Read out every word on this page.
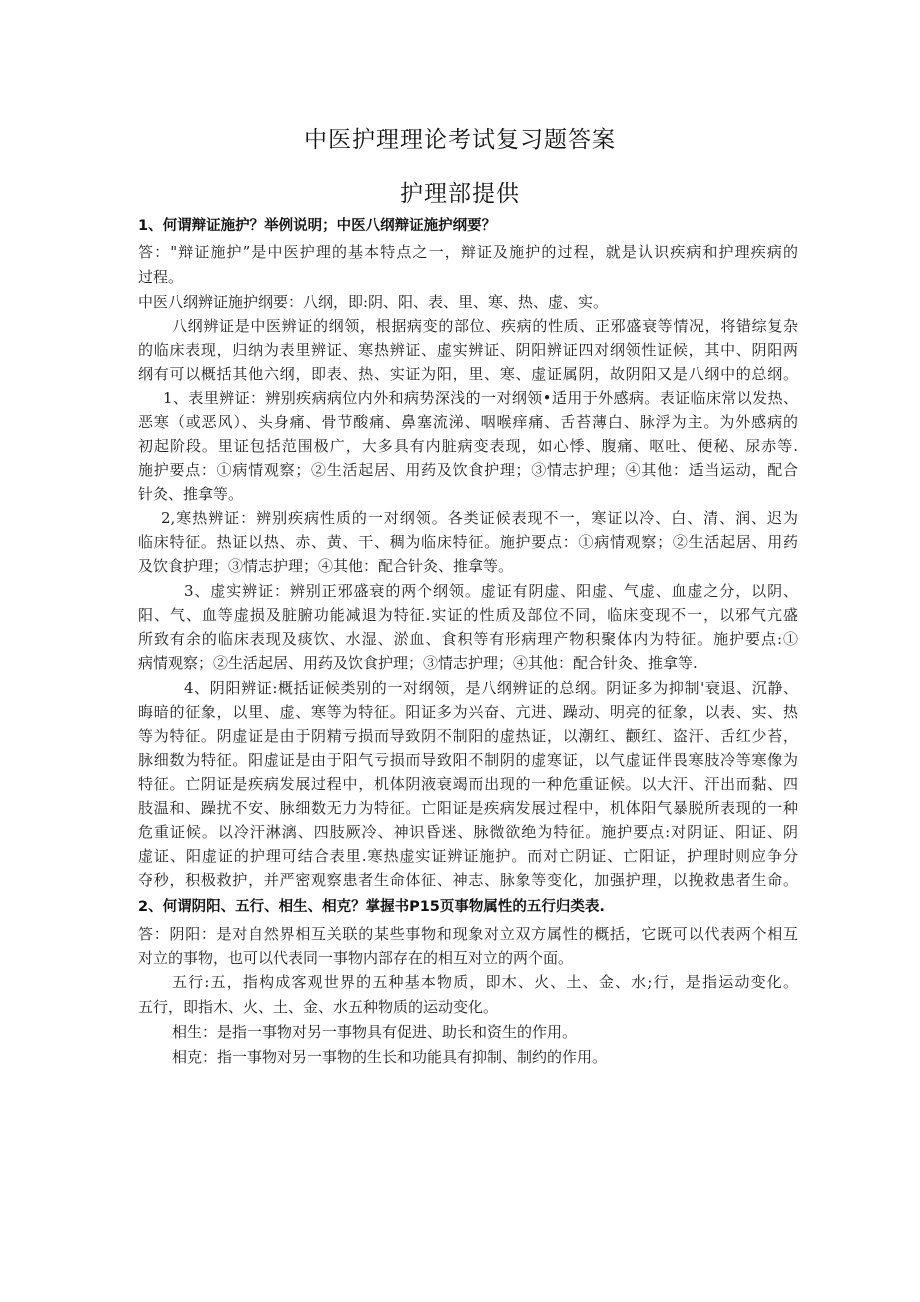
中医护理理论考试复习题答案
护理部提供
1、何谓辩证施护？举例说明；中医八纲辩证施护纲要？
答："辩证施护”是中医护理的基本特点之一，辩证及施护的过程，就是认识疾病和护理疾病的
过程。
中医八纲辨证施护纲要：八纲，即:阴、阳、表、里、寒、热、虚、实。
八纲辨证是中医辨证的纲领，根据病变的部位、疾病的性质、正邪盛衰等情况，将错综复杂
的临床表现，归纳为表里辨证、寒热辨证、虚实辨证、阴阳辨证四对纲领性证候，其中、阴阳两
纲有可以概括其他六纲，即表、热、实证为阳，里、寒、虚证属阴，故阴阳又是八纲中的总纲。
1、表里辨证：辨别疾病病位内外和病势深浅的一对纲领•适用于外感病。表证临床常以发热、
恶寒（或恶风）、头身痛、骨节酸痛、鼻塞流涕、咽喉痒痛、舌苔薄白、脉浮为主。为外感病的
初起阶段。里证包括范围极广，大多具有内脏病变表现，如心悸、腹痛、呕吐、便秘、尿赤等.
施护要点：①病情观察；②生活起居、用药及饮食护理；③情志护理；④其他：适当运动，配合
针灸、推拿等。
2,寒热辨证：辨别疾病性质的一对纲领。各类证候表现不一，寒证以冷、白、清、润、迟为
临床特征。热证以热、赤、黄、干、稠为临床特征。施护要点：①病情观察；②生活起居、用药
及饮食护理；③情志护理；④其他：配合针灸、推拿等。
3、虚实辨证：辨别正邪盛衰的两个纲领。虚证有阴虚、阳虚、气虚、血虚之分，以阴、
阳、气、血等虚损及脏腑功能减退为特征.实证的性质及部位不同，临床变现不一，以邪气亢盛
所致有余的临床表现及痰饮、水湿、淤血、食积等有形病理产物积聚体内为特征。施护要点:①
病情观察；②生活起居、用药及饮食护理；③情志护理；④其他：配合针灸、推拿等.
4、阴阳辨证:概括证候类别的一对纲领，是八纲辨证的总纲。阴证多为抑制'衰退、沉静、
晦暗的征象，以里、虚、寒等为特征。阳证多为兴奋、亢进、躁动、明亮的征象，以表、实、热
等为特征。阴虚证是由于阴精亏损而导致阴不制阳的虚热证，以潮红、颧红、盗汗、舌红少苔，
脉细数为特征。阳虚证是由于阳气亏损而导致阳不制阴的虚寒证，以气虚证伴畏寒肢冷等寒像为
特征。亡阴证是疾病发展过程中，机体阴液衰竭而出现的一种危重证候。以大汗、汗出而黏、四
肢温和、躁扰不安、脉细数无力为特征。亡阳证是疾病发展过程中，机体阳气暴脱所表现的一种
危重证候。以冷汗淋漓、四肢厥冷、神识昏迷、脉微欲绝为特征。施护要点:对阴证、阳证、阴
虚证、阳虚证的护理可结合表里.寒热虚实证辨证施护。而对亡阴证、亡阳证，护理时则应争分
夺秒，积极救护，并严密观察患者生命体征、神志、脉象等变化，加强护理，以挽救患者生命。
2、何谓阴阳、五行、相生、相克？掌握书P15页事物属性的五行归类表.
答：阴阳：是对自然界相互关联的某些事物和现象对立双方属性的概括，它既可以代表两个相互
对立的事物，也可以代表同一事物内部存在的相互对立的两个面。
五行:五，指构成客观世界的五种基本物质，即木、火、土、金、水;行，是指运动变化。
五行，即指木、火、土、金、水五种物质的运动变化。
相生：是指一事物对另一事物具有促进、助长和资生的作用。
相克：指一事物对另一事物的生长和功能具有抑制、制约的作用。
